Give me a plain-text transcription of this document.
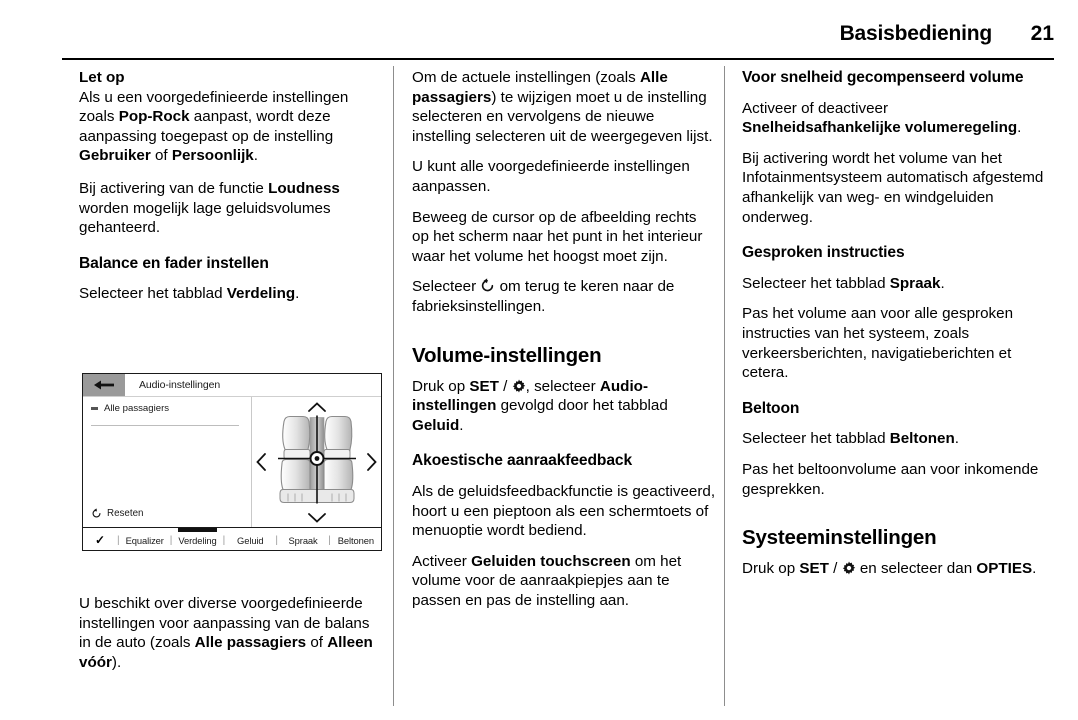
Basisbediening	21
Let op

Als u een voorgedefinieerde instellingen zoals Pop-Rock aanpast, wordt deze aanpassing toegepast op de instelling Gebruiker of Persoonlijk.

Bij activering van de functie Loudness worden mogelijk lage geluidsvolumes gehanteerd.

Balance en fader instellen

Selecteer het tabblad Verdeling.

Audio-instellingen
Alle passagiers
Reseten
✓	| Equalizer | Verdeling |	Geluid	|	Spraak	| Beltonen

U beschikt over diverse voorgedefinieerde instellingen voor aanpassing van de balans in de auto (zoals Alle passagiers of Alleen vóór).

Om de actuele instellingen (zoals Alle passagiers) te wijzigen moet u de instelling selecteren en vervolgens de nieuwe instelling selecteren uit de weergegeven lijst.

U kunt alle voorgedefinieerde instellingen aanpassen.

Beweeg de cursor op de afbeelding rechts op het scherm naar het punt in het interieur waar het volume het hoogst moet zijn.

Selecteer  om terug te keren naar de fabrieksinstellingen.

Volume-instellingen

Druk op SET /
, selecteer Audio-instellingen gevolgd door het tabblad Geluid.

Akoestische aanraakfeedback

Als de geluidsfeedbackfunctie is geactiveerd, hoort u een pieptoon als een schermtoets of menuoptie wordt bediend.

Activeer Geluiden touchscreen om het volume voor de aanraakpiepjes aan te passen en pas de instelling aan.

Voor snelheid gecompenseerd volume

Activeer of deactiveer Snelheidsafhankelijke volumeregeling.

Bij activering wordt het volume van het Infotainmentsysteem automatisch afgestemd afhankelijk van weg- en windgeluiden onderweg.

Gesproken instructies

Selecteer het tabblad Spraak.

Pas het volume aan voor alle gesproken instructies van het systeem, zoals verkeersberichten, navigatieberichten et cetera.

Beltoon

Selecteer het tabblad Beltonen.

Pas het beltoonvolume aan voor inkomende gesprekken.

Systeeminstellingen

Druk op SET /
en selecteer dan OPTIES.
